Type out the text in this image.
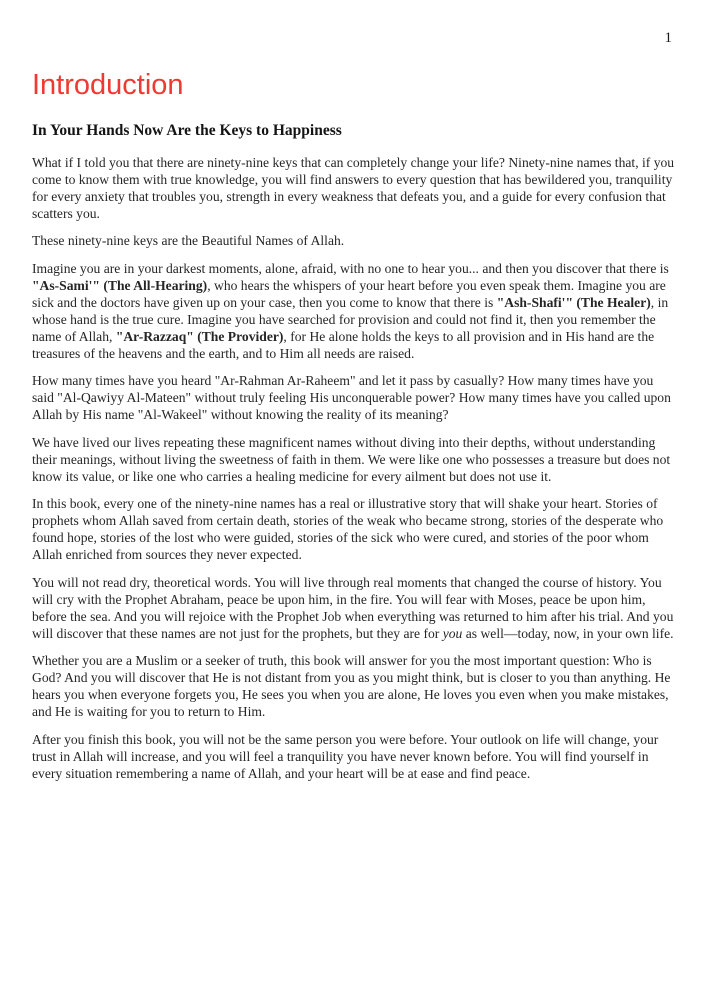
1
Introduction
In Your Hands Now Are the Keys to Happiness

What if I told you that there are ninety-nine keys that can completely change your life? Ninety-nine names that, if you come to know them with true knowledge, you will find answers to every question that has bewildered you, tranquility for every anxiety that troubles you, strength in every weakness that defeats you, and a guide for every confusion that scatters you.

These ninety-nine keys are the Beautiful Names of Allah.

Imagine you are in your darkest moments, alone, afraid, with no one to hear you... and then you discover that there is "As-Sami'" (The All-Hearing), who hears the whispers of your heart before you even speak them. Imagine you are sick and the doctors have given up on your case, then you come to know that there is "Ash-Shafi'" (The Healer), in whose hand is the true cure. Imagine you have searched for provision and could not find it, then you remember the name of Allah, "Ar-Razzaq" (The Provider), for He alone holds the keys to all provision and in His hand are the treasures of the heavens and the earth, and to Him all needs are raised.

How many times have you heard "Ar-Rahman Ar-Raheem" and let it pass by casually? How many times have you said "Al-Qawiyy Al-Mateen" without truly feeling His unconquerable power? How many times have you called upon Allah by His name "Al-Wakeel" without knowing the reality of its meaning?

We have lived our lives repeating these magnificent names without diving into their depths, without understanding their meanings, without living the sweetness of faith in them. We were like one who possesses a treasure but does not know its value, or like one who carries a healing medicine for every ailment but does not use it.

In this book, every one of the ninety-nine names has a real or illustrative story that will shake your heart. Stories of prophets whom Allah saved from certain death, stories of the weak who became strong, stories of the desperate who found hope, stories of the lost who were guided, stories of the sick who were cured, and stories of the poor whom Allah enriched from sources they never expected.

You will not read dry, theoretical words. You will live through real moments that changed the course of history. You will cry with the Prophet Abraham, peace be upon him, in the fire. You will fear with Moses, peace be upon him, before the sea. And you will rejoice with the Prophet Job when everything was returned to him after his trial. And you will discover that these names are not just for the prophets, but they are for you as well—today, now, in your own life.

Whether you are a Muslim or a seeker of truth, this book will answer for you the most important question: Who is God? And you will discover that He is not distant from you as you might think, but is closer to you than anything. He hears you when everyone forgets you, He sees you when you are alone, He loves you even when you make mistakes, and He is waiting for you to return to Him.

After you finish this book, you will not be the same person you were before. Your outlook on life will change, your trust in Allah will increase, and you will feel a tranquility you have never known before. You will find yourself in every situation remembering a name of Allah, and your heart will be at ease and find peace.
